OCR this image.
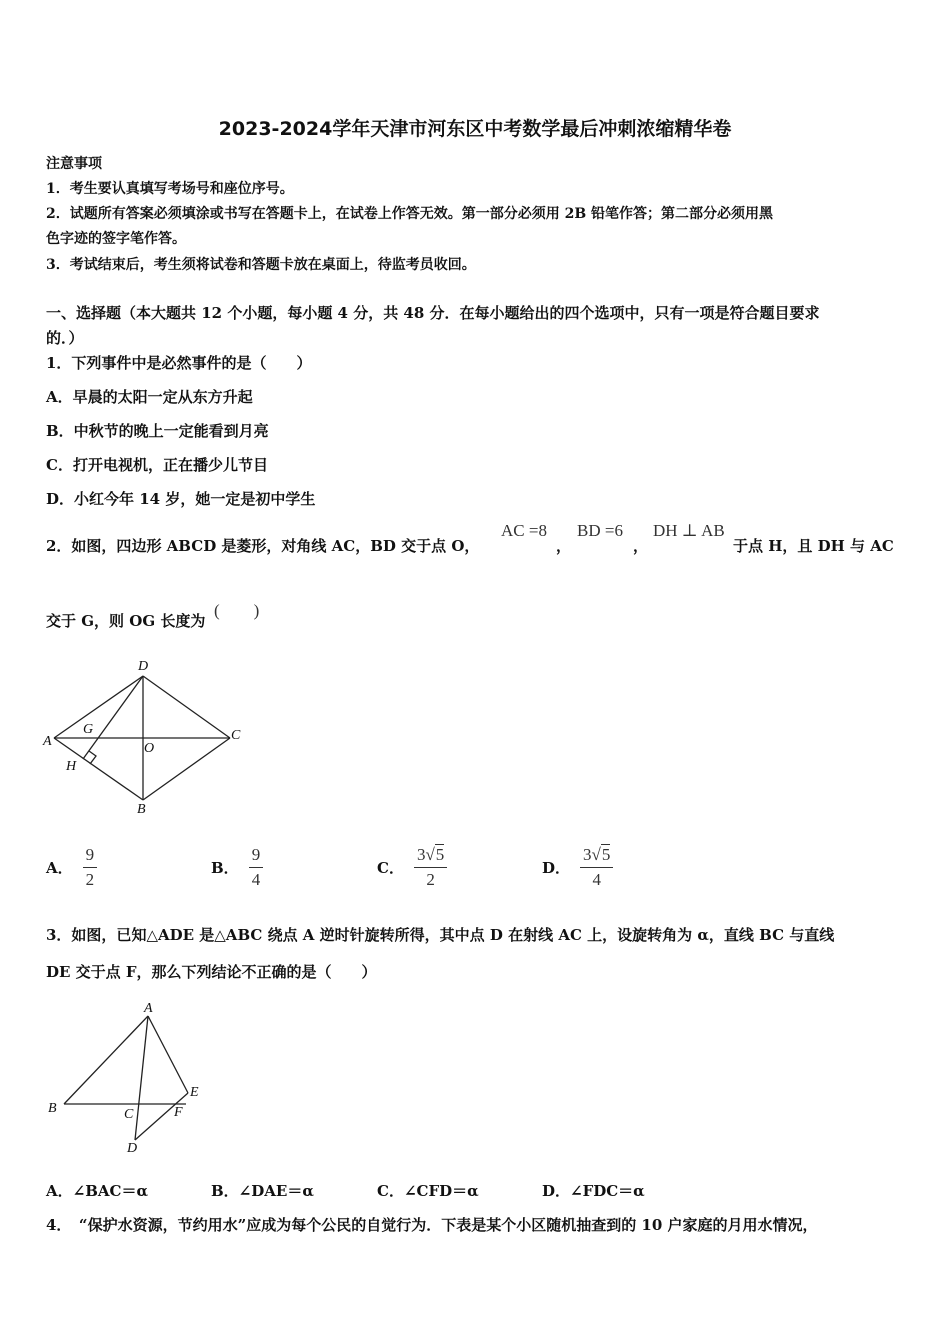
2023-2024学年天津市河东区中考数学最后冲刺浓缩精华卷
注意事项
1．考生要认真填写考场号和座位序号。
2．试题所有答案必须填涂或书写在答题卡上，在试卷上作答无效。第一部分必须用 2B 铅笔作答；第二部分必须用黑
色字迹的签字笔作答。
3．考试结束后，考生须将试卷和答题卡放在桌面上，待监考员收回。
一、选择题（本大题共 12 个小题，每小题 4 分，共 48 分．在每小题给出的四个选项中，只有一项是符合题目要求
的．）
1．下列事件中是必然事件的是（　　）
A．早晨的太阳一定从东方升起
B．中秋节的晚上一定能看到月亮
C．打开电视机，正在播少儿节目
D．小红今年 14 岁，她一定是初中学生
2．如图，四边形 ABCD 是菱形，对角线 AC，BD 交于点 O，
AC =8
，
BD =6
，
DH ⊥ AB
于点 H，且 DH 与 AC
交于 G，则 OG 长度为
(　　)
D
A	C
B
G
H
O
A． $\frac{9}{2}$	B． $\frac{9}{4}$	C． $\frac{3√5}{2}$	D． $\frac{3√5}{4}$
3．如图，已知△ADE 是△ABC 绕点 A 逆时针旋转所得，其中点 D 在射线 AC 上，设旋转角为 α，直线 BC 与直线
DE 交于点 F，那么下列结论不正确的是（　　）
A
B	C
D
E
F
A．∠BAC＝α	B．∠DAE＝α	C．∠CFD＝α	D．∠FDC＝α
4．　“保护水资源，节约用水”应成为每个公民的自觉行为．下表是某个小区随机抽查到的 10 户家庭的月用水情况，
